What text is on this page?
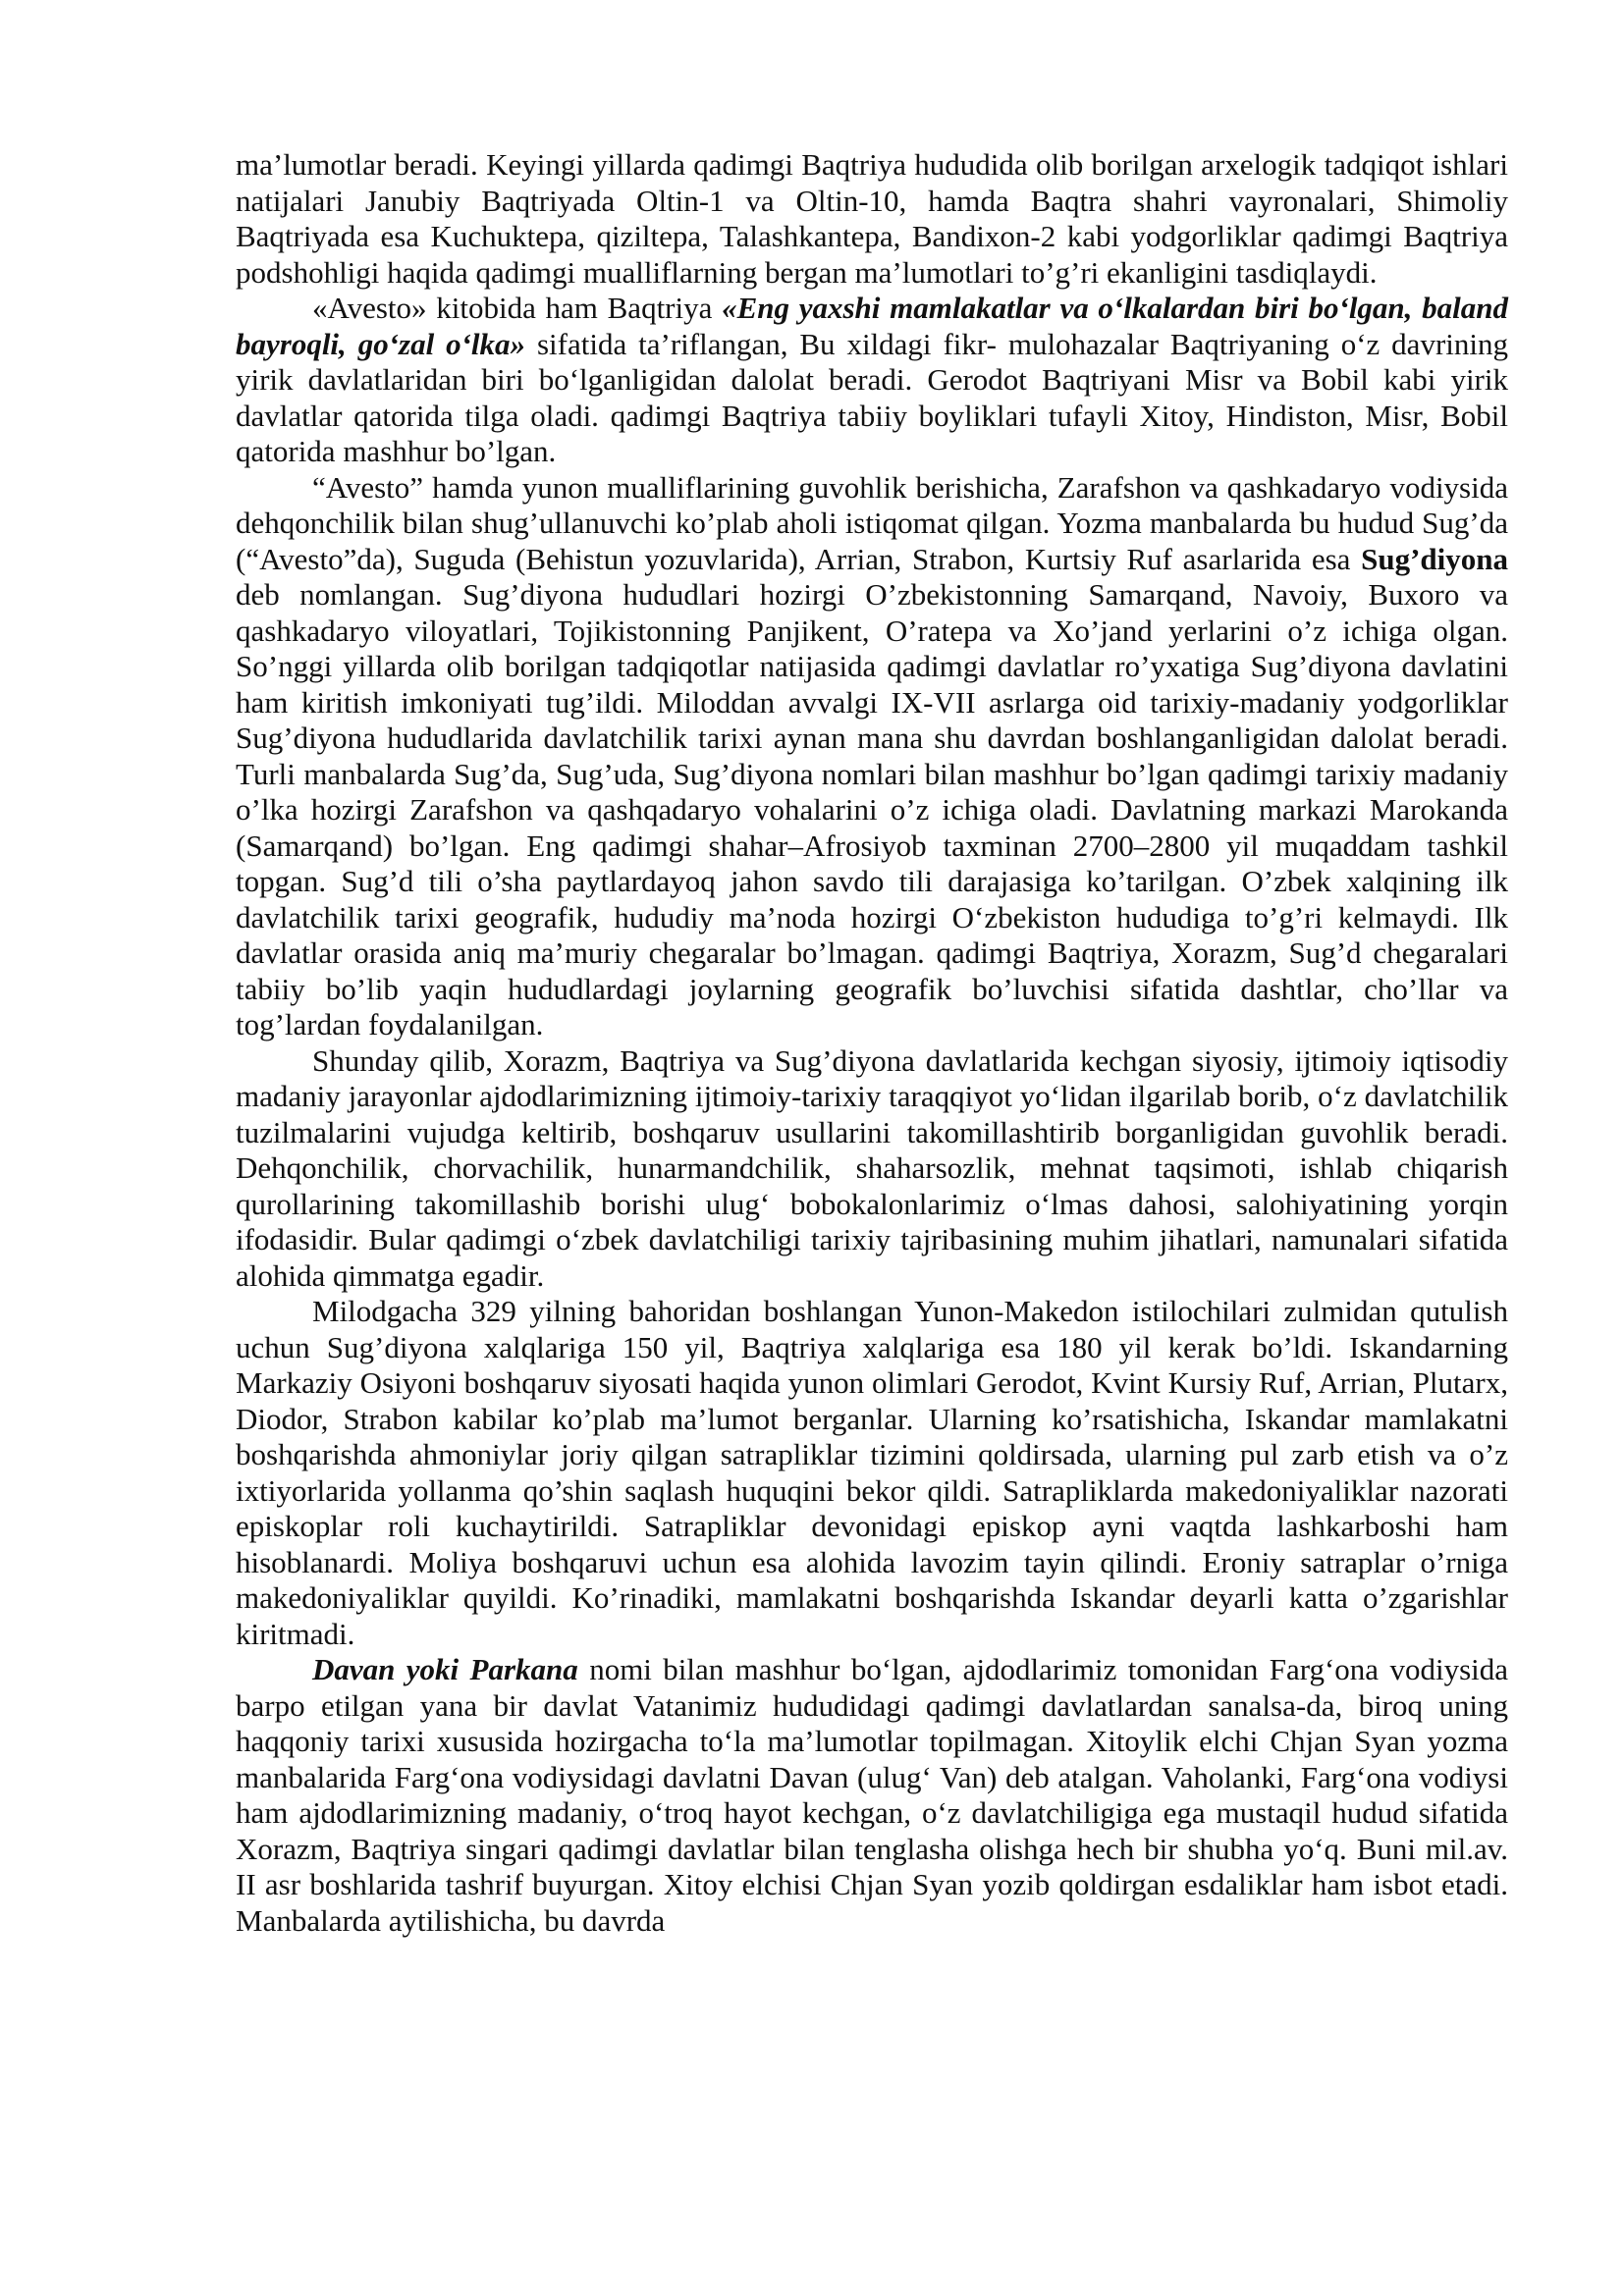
ma’lumotlar beradi. Keyingi yillarda qadimgi Baqtriya hududida olib borilgan arxelogik tadqiqot ishlari natijalari Janubiy Baqtriyada Oltin-1 va Oltin-10, hamda Baqtra shahri vayronalari, Shimoliy Baqtriyada esa Kuchuktepa, qiziltepa, Talashkantepa, Bandixon-2 kabi yodgorliklar qadimgi Baqtriya podshohligi haqida qadimgi mualliflarning bergan ma’lumotlari to’g’ri ekanligini tasdiqlaydi.

«Avesto» kitobida ham Baqtriya «Eng yaxshi mamlakatlar va o‘lkalardan biri bo‘lgan, baland bayroqli, go‘zal o‘lka» sifatida ta’riflangan, Bu xildagi fikr- mulohazalar Baqtriyaning o‘z davrining yirik davlatlaridan biri bo‘lganligidan dalolat beradi. Gerodot Baqtriyani Misr va Bobil kabi yirik davlatlar qatorida tilga oladi. qadimgi Baqtriya tabiiy boyliklari tufayli Xitoy, Hindiston, Misr, Bobil qatorida mashhur bo’lgan.

“Avesto” hamda yunon mualliflarining guvohlik berishicha, Zarafshon va qashkadaryo vodiysida dehqonchilik bilan shug’ullanuvchi ko’plab aholi istiqomat qilgan. Yozma manbalarda bu hudud Sug’da (“Avesto”da), Suguda (Behistun yozuvlarida), Arrian, Strabon, Kurtsiy Ruf asarlarida esa Sug’diyona deb nomlangan. Sug’diyona hududlari hozirgi O’zbekistonning Samarqand, Navoiy, Buxoro va qashkadaryo viloyatlari, Tojikistonning Panjikent, O’ratepa va Xo’jand yerlarini o’z ichiga olgan. So’nggi yillarda olib borilgan tadqiqotlar natijasida qadimgi davlatlar ro’yxatiga Sug’diyona davlatini ham kiritish imkoniyati tug’ildi. Miloddan avvalgi IX-VII asrlarga oid tarixiy-madaniy yodgorliklar Sug’diyona hududlarida davlatchilik tarixi aynan mana shu davrdan boshlanganligidan dalolat beradi. Turli manbalarda Sug’da, Sug’uda, Sug’diyona nomlari bilan mashhur bo’lgan qadimgi tarixiy madaniy o’lka hozirgi Zarafshon va qashqadaryo vohalarini o’z ichiga oladi. Davlatning markazi Marokanda (Samarqand) bo’lgan. Eng qadimgi shahar–Afrosiyob taxminan 2700–2800 yil muqaddam tashkil topgan. Sug’d tili o’sha paytlardayoq jahon savdo tili darajasiga ko’tarilgan. O’zbek xalqining ilk davlatchilik tarixi geografik, hududiy ma’noda hozirgi O‘zbekiston hududiga to’g’ri kelmaydi. Ilk davlatlar orasida aniq ma’muriy chegaralar bo’lmagan. qadimgi Baqtriya, Xorazm, Sug’d chegaralari tabiiy bo’lib yaqin hududlardagi joylarning geografik bo’luvchisi sifatida dashtlar, cho’llar va tog’lardan foydalanilgan.

Shunday qilib, Xorazm, Baqtriya va Sug’diyona davlatlarida kechgan siyosiy, ijtimoiy iqtisodiy madaniy jarayonlar ajdodlarimizning ijtimoiy-tarixiy taraqqiyot yo‘lidan ilgarilab borib, o‘z davlatchilik tuzilmalarini vujudga keltirib, boshqaruv usullarini takomillashtirib borganligidan guvohlik beradi. Dehqonchilik, chorvachilik, hunarmandchilik, shaharsozlik, mehnat taqsimoti, ishlab chiqarish qurollarining takomillashib borishi ulug‘ bobokalonlarimiz o‘lmas dahosi, salohiyatining yorqin ifodasidir. Bular qadimgi o‘zbek davlatchiligi tarixiy tajribasining muhim jihatlari, namunalari sifatida alohida qimmatga egadir.

Milodgacha 329 yilning bahoridan boshlangan Yunon-Makedon istilochilari zulmidan qutulish uchun Sug’diyona xalqlariga 150 yil, Baqtriya xalqlariga esa 180 yil kerak bo’ldi. Iskandarning Markaziy Osiyoni boshqaruv siyosati haqida yunon olimlari Gerodot, Kvint Kursiy Ruf, Arrian, Plutarx, Diodor, Strabon kabilar ko’plab ma’lumot berganlar. Ularning ko’rsatishicha, Iskandar mamlakatni boshqarishda ahmoniylar joriy qilgan satrapliklar tizimini qoldirsada, ularning pul zarb etish va o’z ixtiyorlarida yollanma qo’shin saqlash huquqini bekor qildi. Satrapliklarda makedoniyaliklar nazorati episkoplar roli kuchaytirildi. Satrapliklar devonidagi episkop ayni vaqtda lashkarboshi ham hisoblanardi. Moliya boshqaruvi uchun esa alohida lavozim tayin qilindi. Eroniy satraplar o’rniga makedoniyaliklar quyildi. Ko’rinadiki, mamlakatni boshqarishda Iskandar deyarli katta o’zgarishlar kiritmadi.

Davan yoki Parkana nomi bilan mashhur bo‘lgan, ajdodlarimiz tomonidan Farg‘ona vodiysida barpo etilgan yana bir davlat Vatanimiz hududidagi qadimgi davlatlardan sanalsa-da, biroq uning haqqoniy tarixi xususida hozirgacha to‘la ma’lumotlar topilmagan. Xitoylik elchi Chjan Syan yozma manbalarida Farg‘ona vodiysidagi davlatni Davan (ulug‘ Van) deb atalgan. Vaholanki, Farg‘ona vodiysi ham ajdodlarimizning madaniy, o‘troq hayot kechgan, o‘z davlatchiligiga ega mustaqil hudud sifatida Xorazm, Baqtriya singari qadimgi davlatlar bilan tenglasha olishga hech bir shubha yo‘q. Buni mil.av. II asr boshlarida tashrif buyurgan. Xitoy elchisi Chjan Syan yozib qoldirgan esdaliklar ham isbot etadi. Manbalarda aytilishicha, bu davrda
